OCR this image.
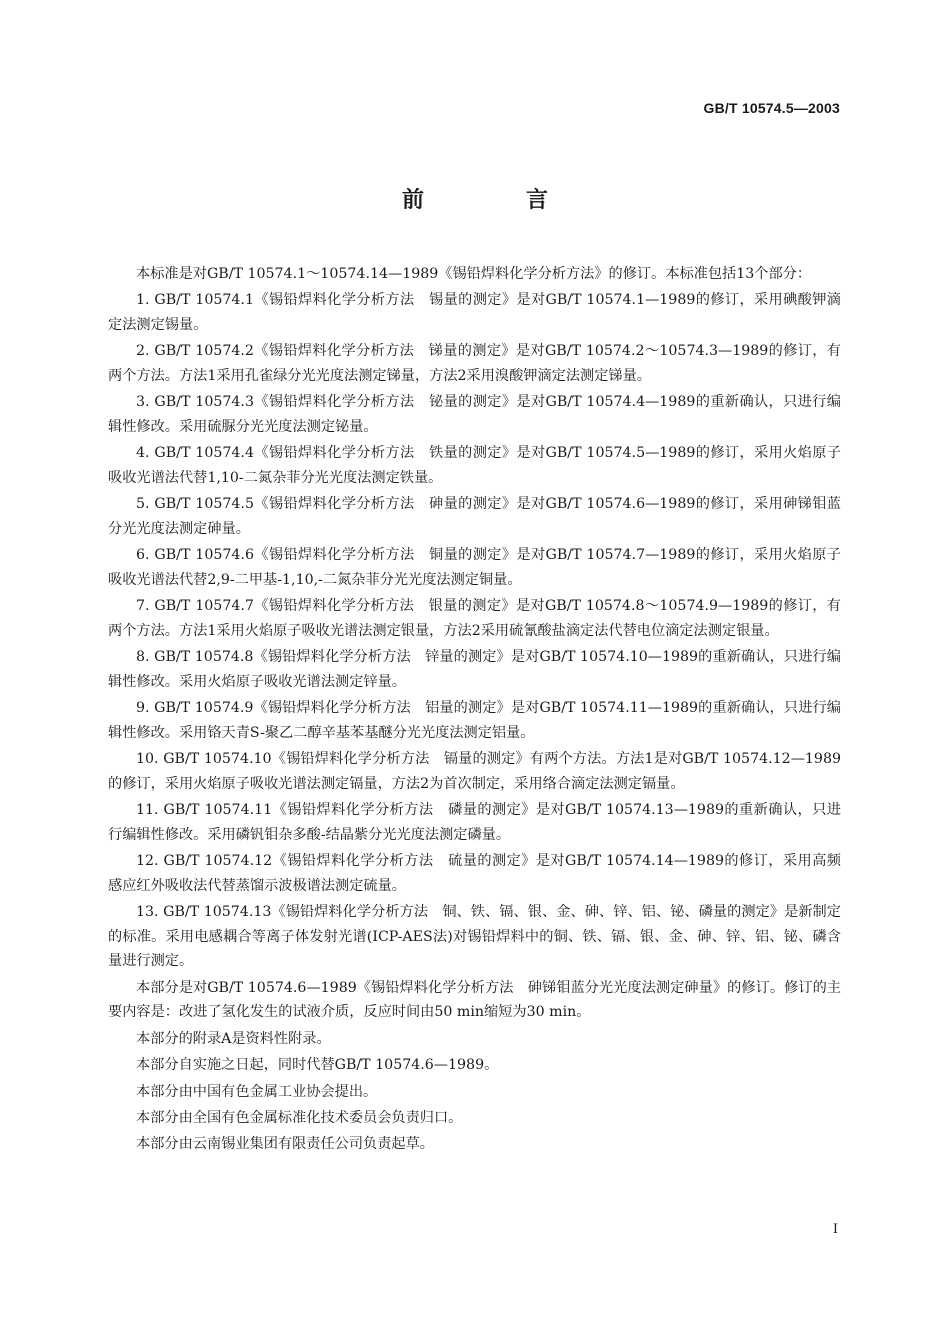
GB/T 10574.5—2003
前　言

本标准是对GB/T 10574.1～10574.14—1989《锡铅焊料化学分析方法》的修订。本标准包括13个部分：

1. GB/T 10574.1《锡铅焊料化学分析方法　锡量的测定》是对GB/T 10574.1—1989的修订，采用碘酸钾滴定法测定锡量。

2. GB/T 10574.2《锡铅焊料化学分析方法　锑量的测定》是对GB/T 10574.2～10574.3—1989的修订，有两个方法。方法1采用孔雀绿分光光度法测定锑量，方法2采用溴酸钾滴定法测定锑量。

3. GB/T 10574.3《锡铅焊料化学分析方法　铋量的测定》是对GB/T 10574.4—1989的重新确认，只进行编辑性修改。采用硫脲分光光度法测定铋量。

4. GB/T 10574.4《锡铅焊料化学分析方法　铁量的测定》是对GB/T 10574.5—1989的修订，采用火焰原子吸收光谱法代替1,10-二氮杂菲分光光度法测定铁量。

5. GB/T 10574.5《锡铅焊料化学分析方法　砷量的测定》是对GB/T 10574.6—1989的修订，采用砷锑钼蓝分光光度法测定砷量。

6. GB/T 10574.6《锡铅焊料化学分析方法　铜量的测定》是对GB/T 10574.7—1989的修订，采用火焰原子吸收光谱法代替2,9-二甲基-1,10,-二氮杂菲分光光度法测定铜量。

7. GB/T 10574.7《锡铅焊料化学分析方法　银量的测定》是对GB/T 10574.8～10574.9—1989的修订，有两个方法。方法1采用火焰原子吸收光谱法测定银量，方法2采用硫氰酸盐滴定法代替电位滴定法测定银量。

8. GB/T 10574.8《锡铅焊料化学分析方法　锌量的测定》是对GB/T 10574.10—1989的重新确认，只进行编辑性修改。采用火焰原子吸收光谱法测定锌量。

9. GB/T 10574.9《锡铅焊料化学分析方法　铝量的测定》是对GB/T 10574.11—1989的重新确认，只进行编辑性修改。采用铬天青S-聚乙二醇辛基苯基醚分光光度法测定铝量。

10. GB/T 10574.10《锡铅焊料化学分析方法　镉量的测定》有两个方法。方法1是对GB/T 10574.12—1989的修订，采用火焰原子吸收光谱法测定镉量，方法2为首次制定，采用络合滴定法测定镉量。

11. GB/T 10574.11《锡铅焊料化学分析方法　磷量的测定》是对GB/T 10574.13—1989的重新确认，只进行编辑性修改。采用磷钒钼杂多酸-结晶紫分光光度法测定磷量。

12. GB/T 10574.12《锡铅焊料化学分析方法　硫量的测定》是对GB/T 10574.14—1989的修订，采用高频感应红外吸收法代替蒸馏示波极谱法测定硫量。

13. GB/T 10574.13《锡铅焊料化学分析方法　铜、铁、镉、银、金、砷、锌、铝、铋、磷量的测定》是新制定的标准。采用电感耦合等离子体发射光谱(ICP-AES法)对锡铅焊料中的铜、铁、镉、银、金、砷、锌、铝、铋、磷含量进行测定。

本部分是对GB/T 10574.6—1989《锡铅焊料化学分析方法　砷锑钼蓝分光光度法测定砷量》的修订。修订的主要内容是：改进了氢化发生的试液介质，反应时间由50 min缩短为30 min。

本部分的附录A是资料性附录。

本部分自实施之日起，同时代替GB/T 10574.6—1989。

本部分由中国有色金属工业协会提出。

本部分由全国有色金属标准化技术委员会负责归口。

本部分由云南锡业集团有限责任公司负责起草。

I
